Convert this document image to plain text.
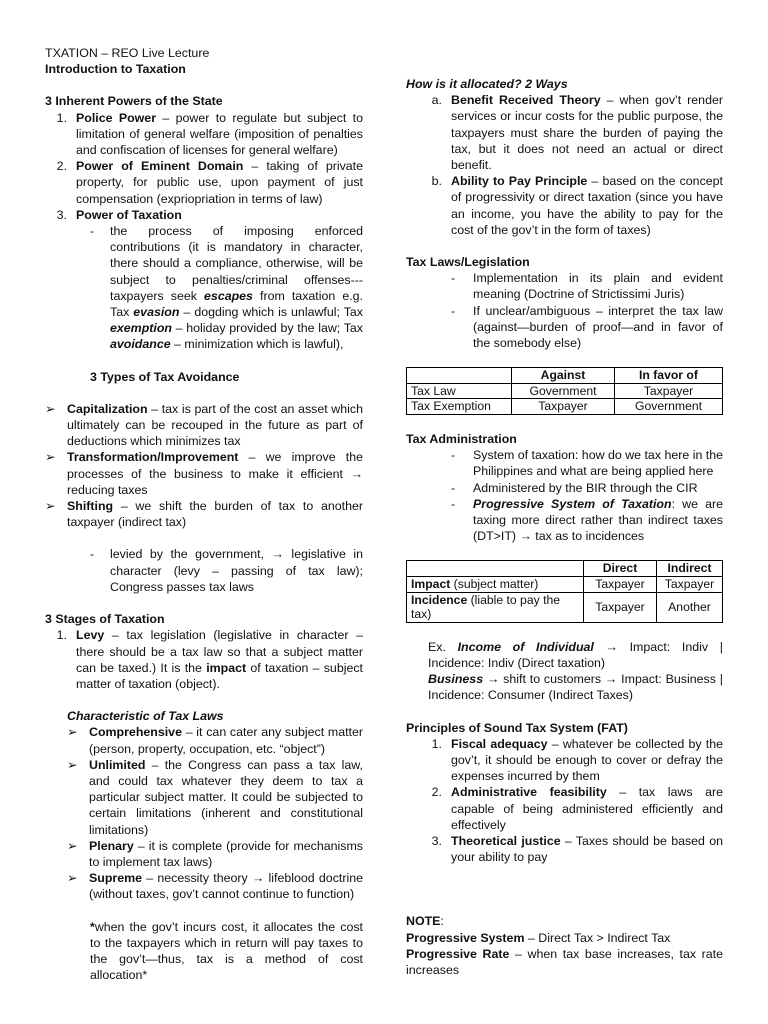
TXATION – REO Live Lecture

Introduction to Taxation

3 Inherent Powers of the State

1. Police Power – power to regulate but subject to limitation of general welfare (imposition of penalties and confiscation of licenses for general welfare)
2. Power of Eminent Domain – taking of private property, for public use, upon payment of just compensation (exprioprіation in terms of law)
3. Power of Taxation
-	the process of imposing enforced contributions (it is mandatory in character, there should a compliance, otherwise, will be subject to penalties/criminal offenses--- taxpayers seek escapes from taxation e.g. Tax evasion – dogding which is unlawful; Tax exemption – holiday provided by the law; Tax avoidance – minimization which is lawful),

3 Types of Tax Avoidance

➢ Capitalization – tax is part of the cost an asset which ultimately can be recouped in the future as part of deductions which minimizes tax
➢ Transformation/Improvement – we improve the processes of the business to make it efficient → reducing taxes
➢ Shifting – we shift the burden of tax to another taxpayer (indirect tax)
-	levied by the government, → legislative in character (levy – passing of tax law); Congress passes tax laws

3 Stages of Taxation

1. Levy – tax legislation (legislative in character – there should be a tax law so that a subject matter can be taxed.) It is the impact of taxation – subject matter of taxation (object).

Characteristic of Tax Laws

➢ Comprehensive – it can cater any subject matter (person, property, occupation, etc. “object”)
➢ Unlimited – the Congress can pass a tax law, and could tax whatever they deem to tax a particular subject matter. It could be subjected to certain limitations (inherent and constitutional limitations)
➢ Plenary – it is complete (provide for mechanisms to implement tax laws)
➢ Supreme – necessity theory → lifeblood doctrine (without taxes, gov’t cannot continue to function)

*when the gov’t incurs cost, it allocates the cost to the taxpayers which in return will pay taxes to the gov’t—thus, tax is a method of cost allocation*

How is it allocated? 2 Ways

a. Benefit Received Theory – when gov’t render services or incur costs for the public purpose, the taxpayers must share the burden of paying the tax, but it does not need an actual or direct benefit.
b. Ability to Pay Principle – based on the concept of progressivity or direct taxation (since you have an income, you have the ability to pay for the cost of the gov’t in the form of taxes)

Tax Laws/Legislation

-	Implementation in its plain and evident meaning (Doctrine of Strictissimi Juris)
-	If unclear/ambiguous – interpret the tax law (against—burden of proof—and in favor of the somebody else)
	Against	In favor of
Tax Law	Government	Taxpayer
Tax Exemption	Taxpayer	Government

Tax Administration

-	System of taxation: how do we tax here in the Philippines and what are being applied here
-	Administered by the BIR through the CIR
-	Progressive System of Taxation: we are taxing more direct rather than indirect taxes (DT>IT) → tax as to incidences
	Direct	Indirect
Impact (subject matter)	Taxpayer	Taxpayer
Incidence (liable to pay the tax)	Taxpayer	Another

Ex. Income of Individual → Impact: Indiv | Incidence: Indiv (Direct taxation)

Business → shift to customers → Impact: Business | Incidence: Consumer (Indirect Taxes)

Principles of Sound Tax System (FAT)

1. Fiscal adequacy – whatever be collected by the gov’t, it should be enough to cover or defray the expenses incurred by them
2. Administrative feasibility – tax laws are capable of being administered efficiently and effectively
3. Theoretical justice – Taxes should be based on your ability to pay

NOTE:

Progressive System – Direct Tax > Indirect Tax

Progressive Rate – when tax base increases, tax rate increases
